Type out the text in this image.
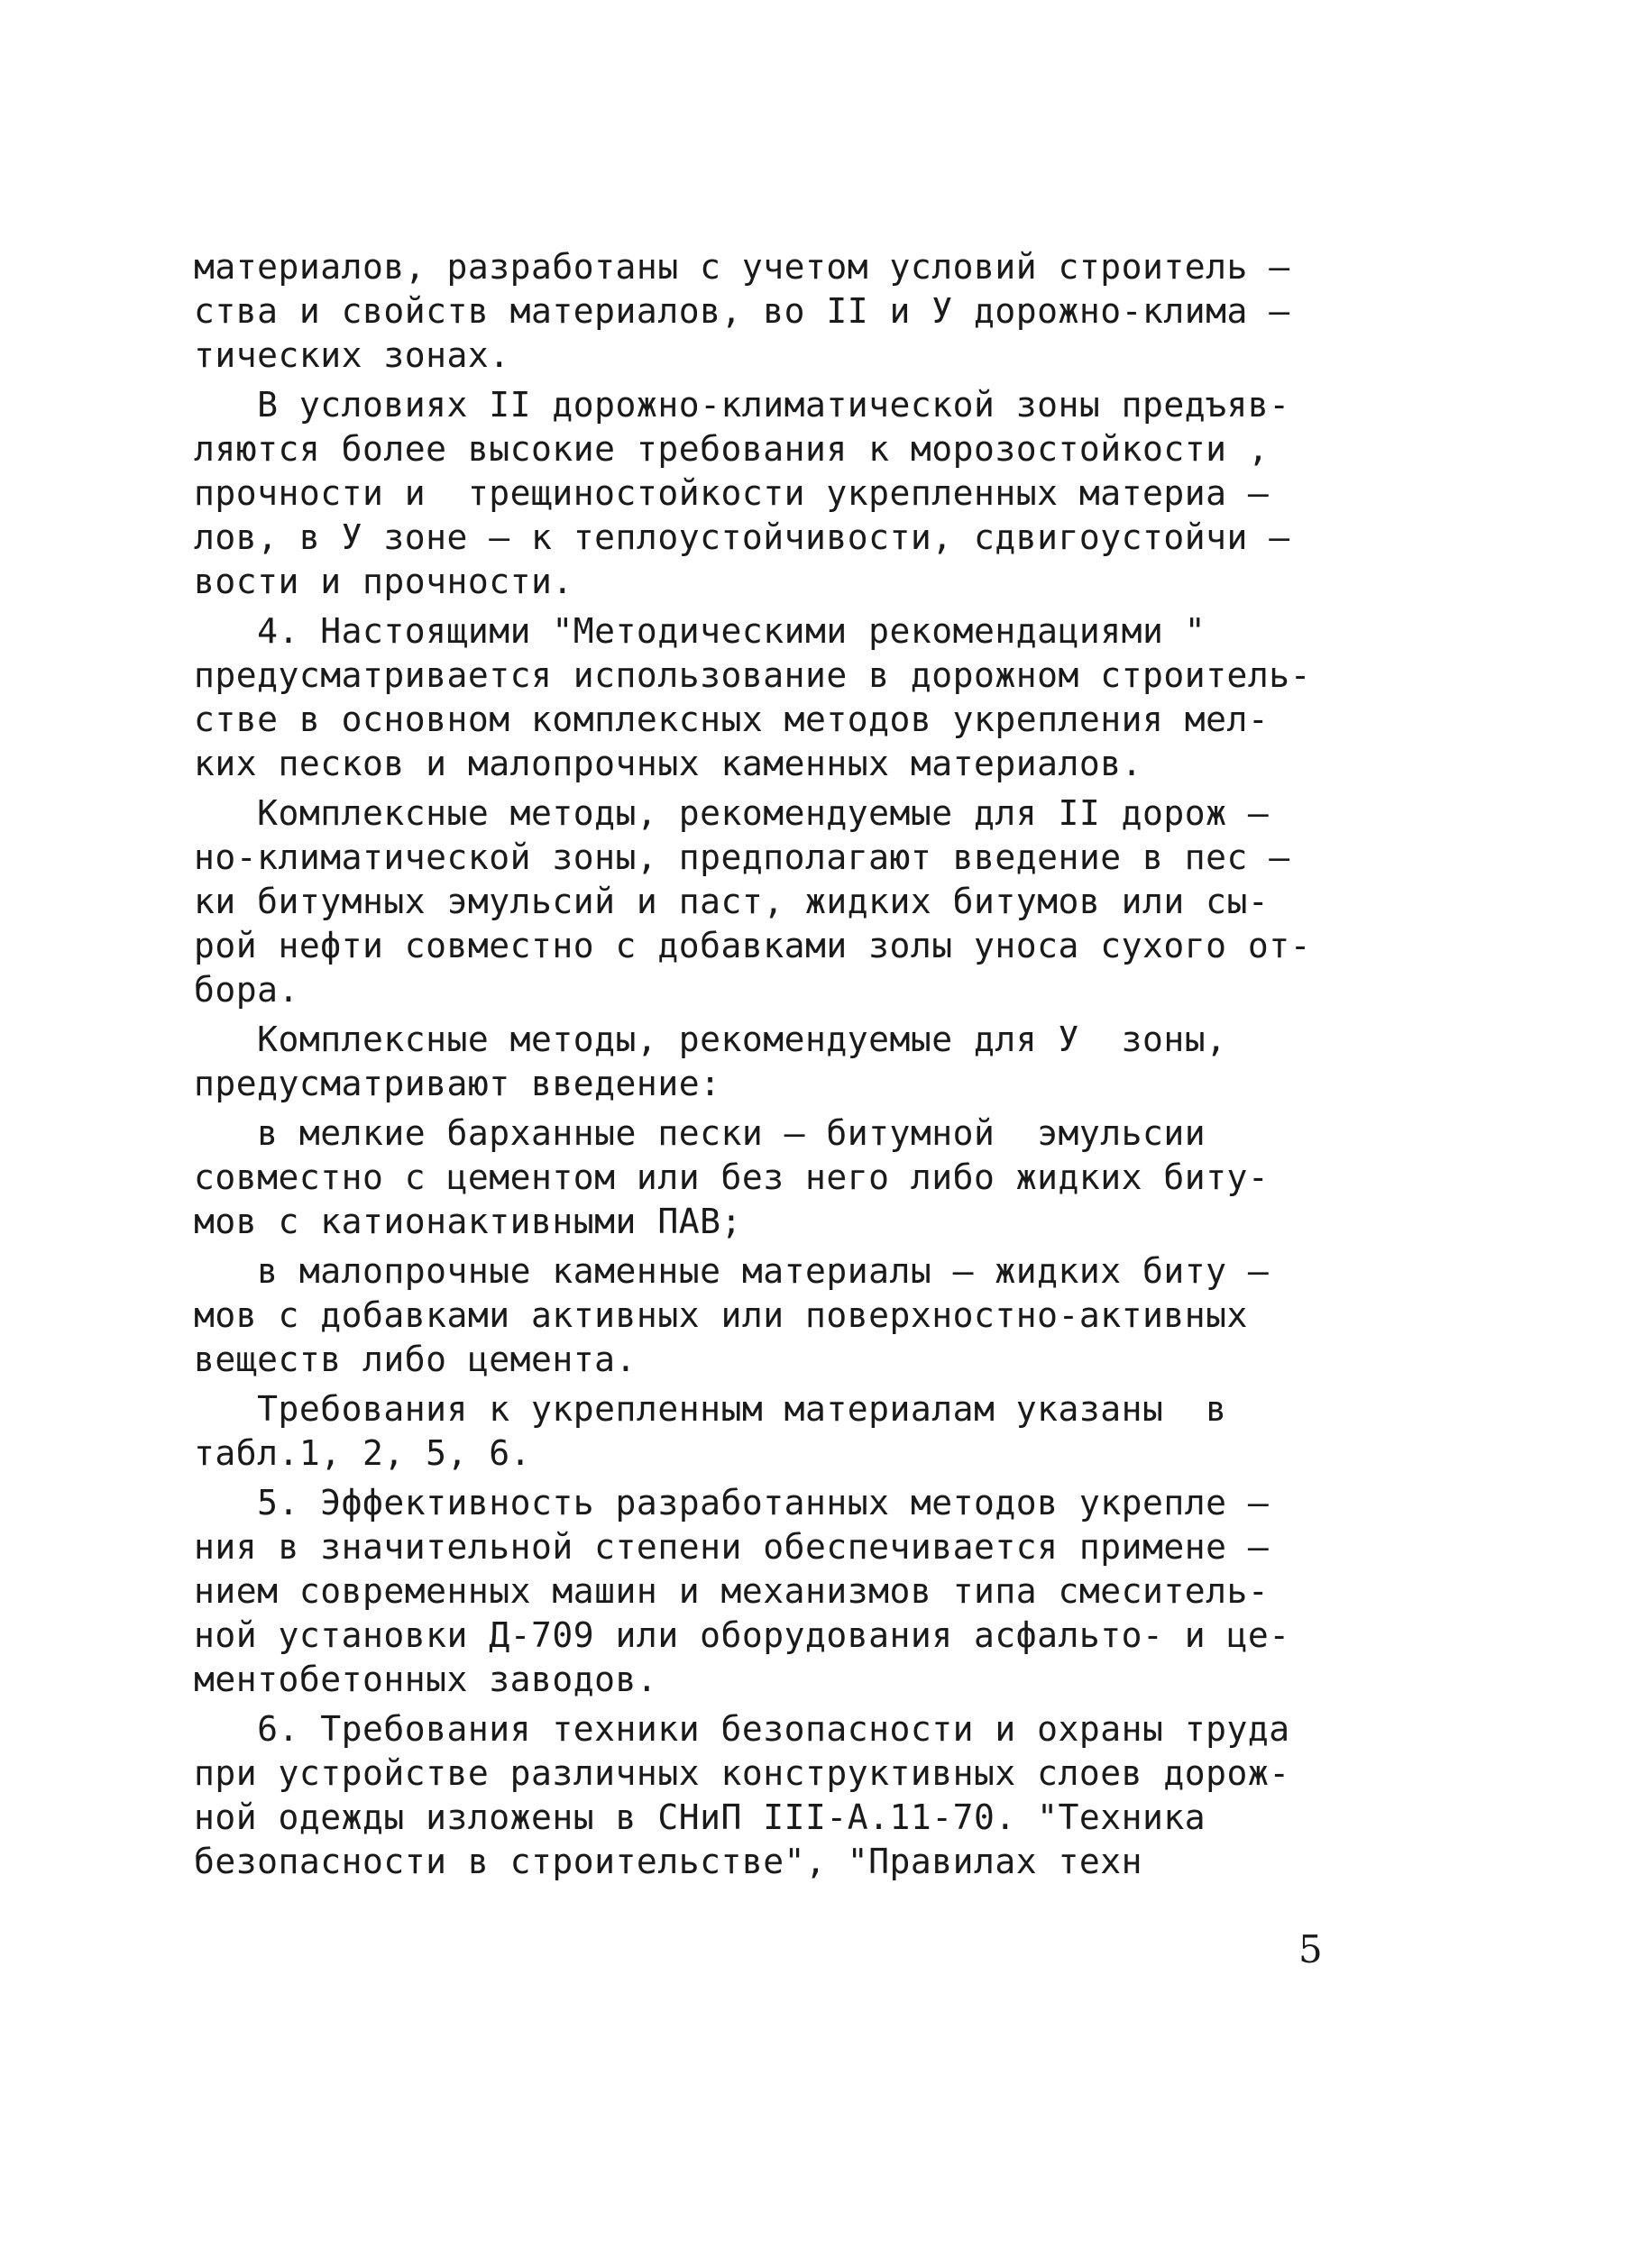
материалов, разработаны с учетом условий строитель –
ства и свойств материалов, во II и У дорожно-клима –
тических зонах.
В условиях II дорожно-климатической зоны предъяв-
ляются более высокие требования к морозостойкости ,
прочности и  трещиностойкости укрепленных материа –
лов, в У зоне – к теплоустойчивости, сдвигоустойчи –
вости и прочности.
4. Настоящими "Методическими рекомендациями "
предусматривается использование в дорожном строитель-
стве в основном комплексных методов укрепления мел-
ких песков и малопрочных каменных материалов.
Комплексные методы, рекомендуемые для II дорож –
но-климатической зоны, предполагают введение в пес –
ки битумных эмульсий и паст, жидких битумов или сы-
рой нефти совместно с добавками золы уноса сухого от-
бора.
Комплексные методы, рекомендуемые для У  зоны,
предусматривают введение:
в мелкие барханные пески – битумной  эмульсии
совместно с цементом или без него либо жидких биту-
мов с катионактивными ПАВ;
в малопрочные каменные материалы – жидких биту –
мов с добавками активных или поверхностно-активных
веществ либо цемента.
Требования к укрепленным материалам указаны  в
табл.1, 2, 5, 6.
5. Эффективность разработанных методов укрепле –
ния в значительной степени обеспечивается примене –
нием современных машин и механизмов типа смеситель-
ной установки Д-709 или оборудования асфальто- и це-
ментобетонных заводов.
6. Требования техники безопасности и охраны труда
при устройстве различных конструктивных слоев дорож-
ной одежды изложены в СНиП III-А.11-70. "Техника
безопасности в строительстве", "Правилах техн
5
